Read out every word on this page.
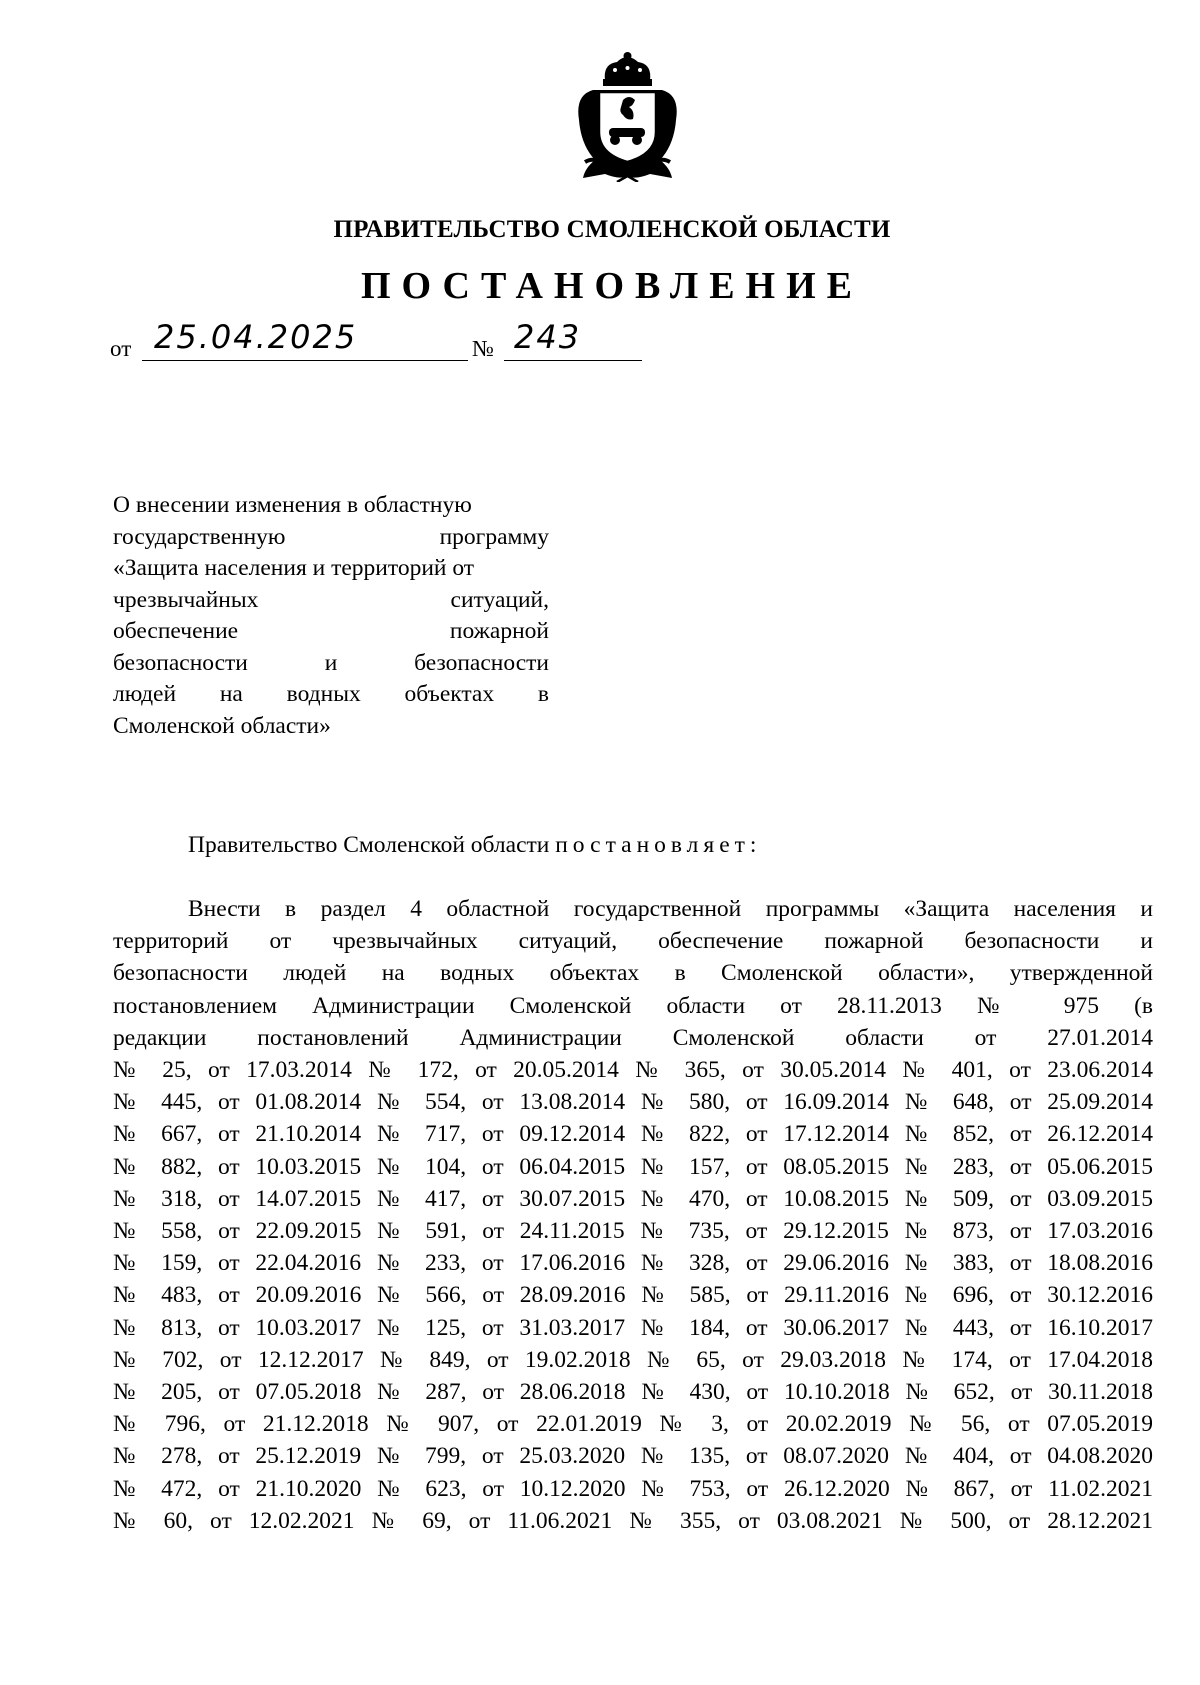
ПРАВИТЕЛЬСТВО СМОЛЕНСКОЙ ОБЛАСТИ
ПОСТАНОВЛЕНИЕ
от 25.04.2025	№ 243
О внесении изменения в областную
государственную программу
«Защита населения и территорий от
чрезвычайных ситуаций,
обеспечение пожарной
безопасности и безопасности
людей на водных объектах в
Смоленской области»
Правительство Смоленской области постановляет:
Внести в раздел 4 областной государственной программы «Защита населения и
территорий от чрезвычайных ситуаций, обеспечение пожарной безопасности и
безопасности людей на водных объектах в Смоленской области», утвержденной
постановлением Администрации Смоленской области от 28.11.2013 № 975 (в
редакции постановлений Администрации Смоленской области от 27.01.2014
№ 25, от 17.03.2014 № 172, от 20.05.2014 № 365, от 30.05.2014 № 401, от 23.06.2014
№ 445, от 01.08.2014 № 554, от 13.08.2014 № 580, от 16.09.2014 № 648, от 25.09.2014
№ 667, от 21.10.2014 № 717, от 09.12.2014 № 822, от 17.12.2014 № 852, от 26.12.2014
№ 882, от 10.03.2015 № 104, от 06.04.2015 № 157, от 08.05.2015 № 283, от 05.06.2015
№ 318, от 14.07.2015 № 417, от 30.07.2015 № 470, от 10.08.2015 № 509, от 03.09.2015
№ 558, от 22.09.2015 № 591, от 24.11.2015 № 735, от 29.12.2015 № 873, от 17.03.2016
№ 159, от 22.04.2016 № 233, от 17.06.2016 № 328, от 29.06.2016 № 383, от 18.08.2016
№ 483, от 20.09.2016 № 566, от 28.09.2016 № 585, от 29.11.2016 № 696, от 30.12.2016
№ 813, от 10.03.2017 № 125, от 31.03.2017 № 184, от 30.06.2017 № 443, от 16.10.2017
№ 702, от 12.12.2017 № 849, от 19.02.2018 № 65, от 29.03.2018 № 174, от 17.04.2018
№ 205, от 07.05.2018 № 287, от 28.06.2018 № 430, от 10.10.2018 № 652, от 30.11.2018
№ 796, от 21.12.2018 № 907, от 22.01.2019 № 3, от 20.02.2019 № 56, от 07.05.2019
№ 278, от 25.12.2019 № 799, от 25.03.2020 № 135, от 08.07.2020 № 404, от 04.08.2020
№ 472, от 21.10.2020 № 623, от 10.12.2020 № 753, от 26.12.2020 № 867, от 11.02.2021
№ 60, от 12.02.2021 № 69, от 11.06.2021 № 355, от 03.08.2021 № 500, от 28.12.2021
